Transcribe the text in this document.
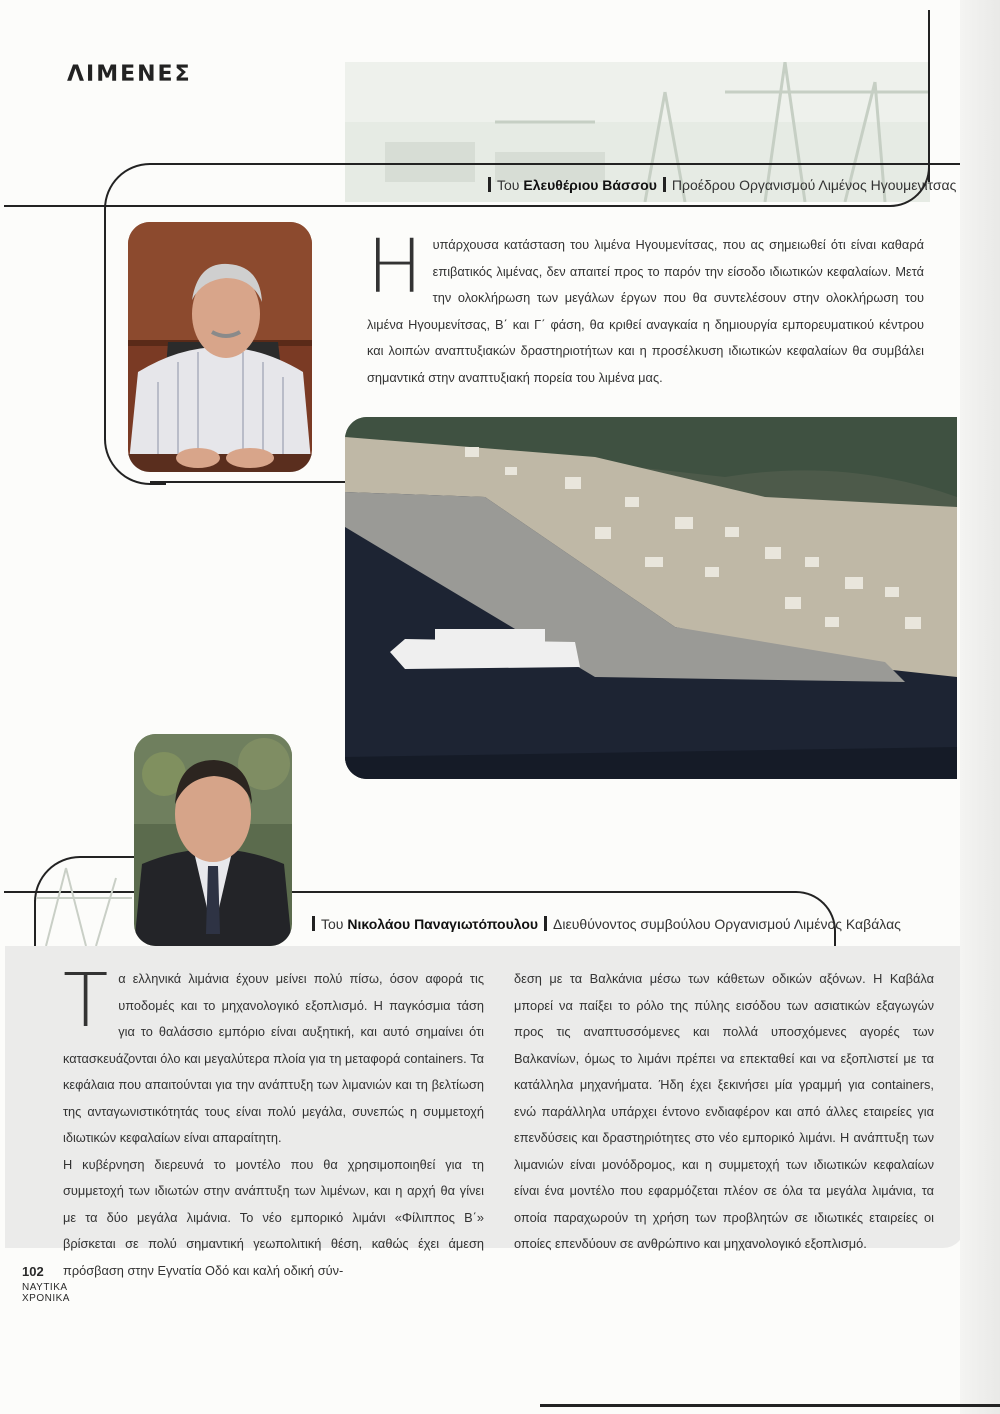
ΛΙΜΕΝΕΣ
Του Ελευθέριου Βάσσου Προέδρου Οργανισμού Λιμένος Ηγουμενίτσας
Ηυπάρχουσα κατάσταση του λιμένα Ηγουμενίτσας, που ας σημειωθεί ότι είναι καθαρά επιβατικός λιμένας, δεν απαιτεί προς το παρόν την είσοδο ιδιωτικών κεφαλαίων. Μετά την ολοκλήρωση των μεγάλων έργων που θα συντελέσουν στην ολοκλήρωση του λιμένα Ηγουμενίτσας, Β΄ και Γ΄ φάση, θα κριθεί αναγκαία η δημιουργία εμπορευματικού κέντρου και λοιπών αναπτυξιακών δραστηριοτήτων και η προσέλκυση ιδιωτικών κεφαλαίων θα συμβάλει σημαντικά στην αναπτυξιακή πορεία του λιμένα μας.
Του Νικολάου Παναγιωτόπουλου Διευθύνοντος συμβούλου Οργανισμού Λιμένος Καβάλας
Τα ελληνικά λιμάνια έχουν μείνει πολύ πίσω, όσον αφορά τις υποδομές και το μηχανολογικό εξοπλισμό. Η παγκόσμια τάση για το θαλάσσιο εμπόριο είναι αυξητική, και αυτό σημαίνει ότι κατασκευάζονται όλο και μεγαλύτερα πλοία για τη μεταφορά containers. Τα κεφάλαια που απαιτούνται για την ανάπτυξη των λιμανιών και τη βελτίωση της ανταγωνιστικότητάς τους είναι πολύ μεγάλα, συνεπώς η συμμετοχή ιδιωτικών κεφαλαίων είναι απαραίτητη.
Η κυβέρνηση διερευνά το μοντέλο που θα χρησιμοποιηθεί για τη συμμετοχή των ιδιωτών στην ανάπτυξη των λιμένων, και η αρχή θα γίνει με τα δύο μεγάλα λιμάνια. Το νέο εμπορικό λιμάνι «Φίλιππος Β΄» βρίσκεται σε πολύ σημαντική γεωπολιτική θέση, καθώς έχει άμεση πρόσβαση στην Εγνατία Οδό και καλή οδική σύν-
δεση με τα Βαλκάνια μέσω των κάθετων οδικών αξόνων. Η Καβάλα μπορεί να παίξει το ρόλο της πύλης εισόδου των ασιατικών εξαγωγών προς τις αναπτυσσόμενες και πολλά υποσχόμενες αγορές των Βαλκανίων, όμως το λιμάνι πρέπει να επεκταθεί και να εξοπλιστεί με τα κατάλληλα μηχανήματα. Ήδη έχει ξεκινήσει μία γραμμή για containers, ενώ παράλληλα υπάρχει έντονο ενδιαφέρον και από άλλες εταιρείες για επενδύσεις και δραστηριότητες στο νέο εμπορικό λιμάνι. Η ανάπτυξη των λιμανιών είναι μονόδρομος, και η συμμετοχή των ιδιωτικών κεφαλαίων είναι ένα μοντέλο που εφαρμόζεται πλέον σε όλα τα μεγάλα λιμάνια, τα οποία παραχωρούν τη χρήση των προβλητών σε ιδιωτικές εταιρείες οι οποίες επενδύουν σε ανθρώπινο και μηχανολογικό εξοπλισμό.
102
ΝΑΥΤΙΚΑ
ΧΡΟΝΙΚΑ
